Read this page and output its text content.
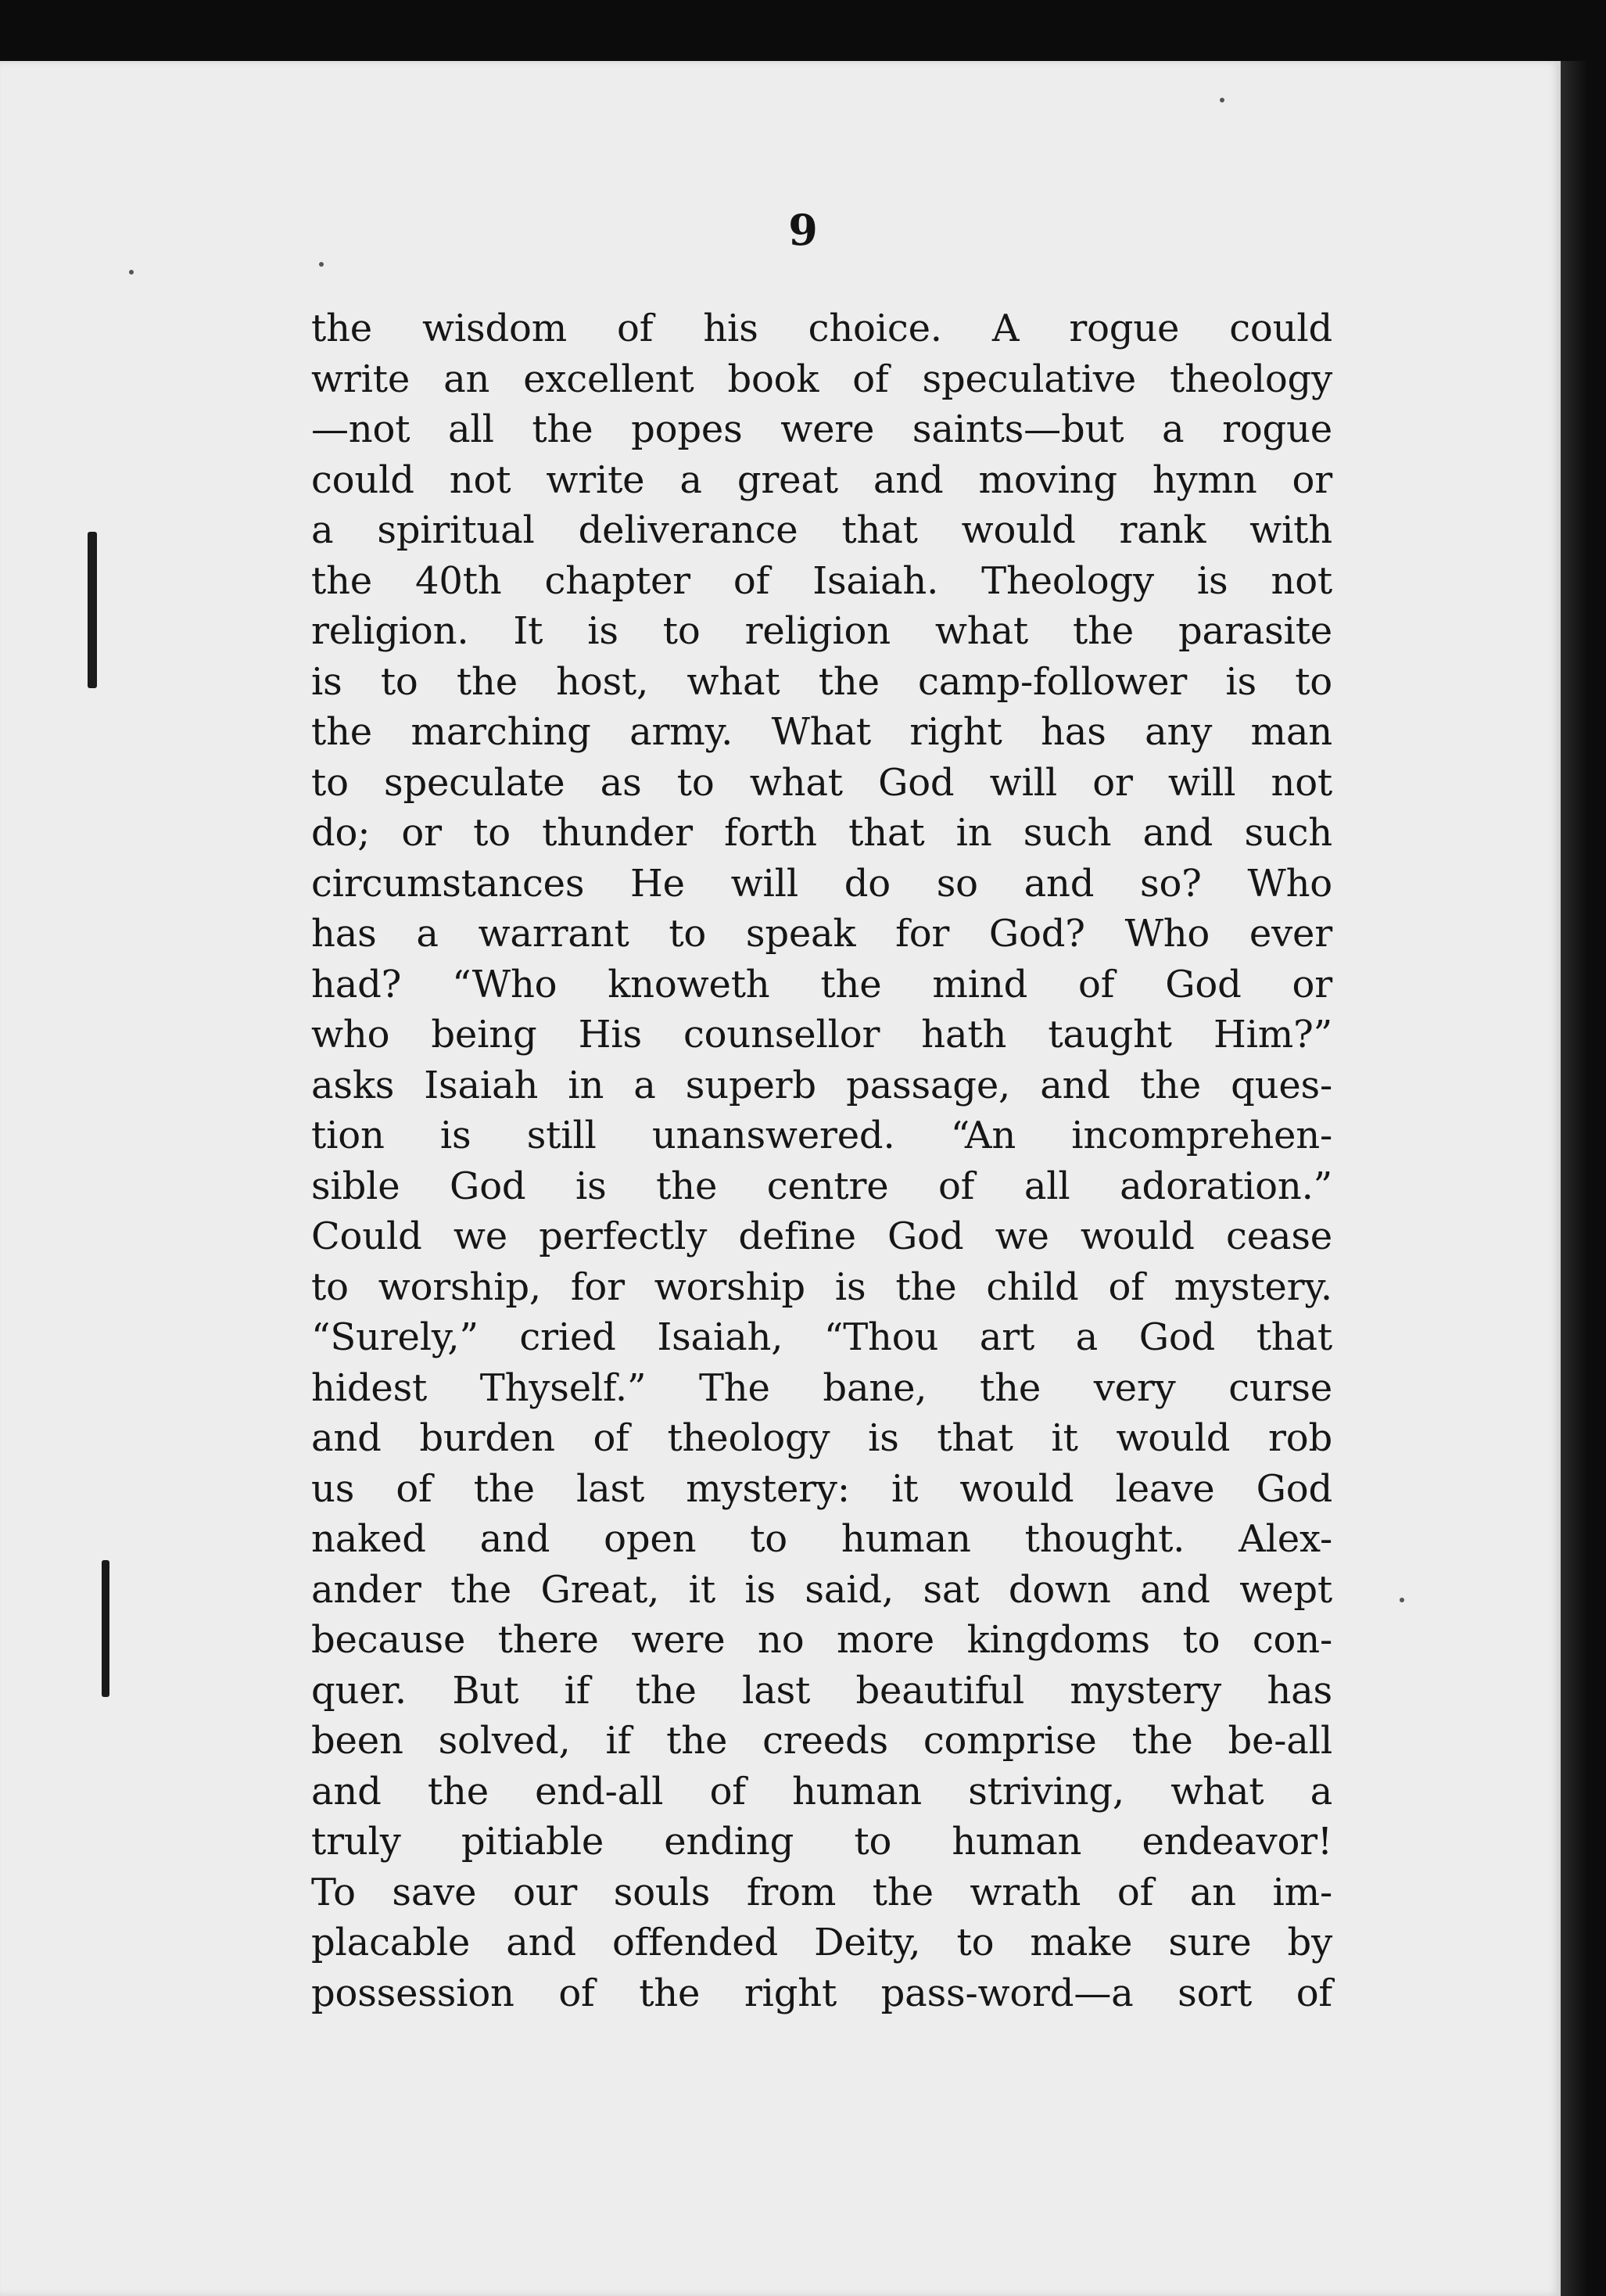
9
the wisdom of his choice. A rogue could
write an excellent book of speculative theology
—not all the popes were saints—but a rogue
could not write a great and moving hymn or
a spiritual deliverance that would rank with
the 40th chapter of Isaiah. Theology is not
religion. It is to religion what the parasite
is to the host, what the camp-follower is to
the marching army. What right has any man
to speculate as to what God will or will not
do; or to thunder forth that in such and such
circumstances He will do so and so? Who
has a warrant to speak for God? Who ever
had? “Who knoweth the mind of God or
who being His counsellor hath taught Him?”
asks Isaiah in a superb passage, and the ques-
tion is still unanswered. “An incomprehen-
sible God is the centre of all adoration.”
Could we perfectly define God we would cease
to worship, for worship is the child of mystery.
“Surely,” cried Isaiah, “Thou art a God that
hidest Thyself.” The bane, the very curse
and burden of theology is that it would rob
us of the last mystery: it would leave God
naked and open to human thought. Alex-
ander the Great, it is said, sat down and wept
because there were no more kingdoms to con-
quer. But if the last beautiful mystery has
been solved, if the creeds comprise the be-all
and the end-all of human striving, what a
truly pitiable ending to human endeavor!
To save our souls from the wrath of an im-
placable and offended Deity, to make sure by
possession of the right pass-word—a sort of
